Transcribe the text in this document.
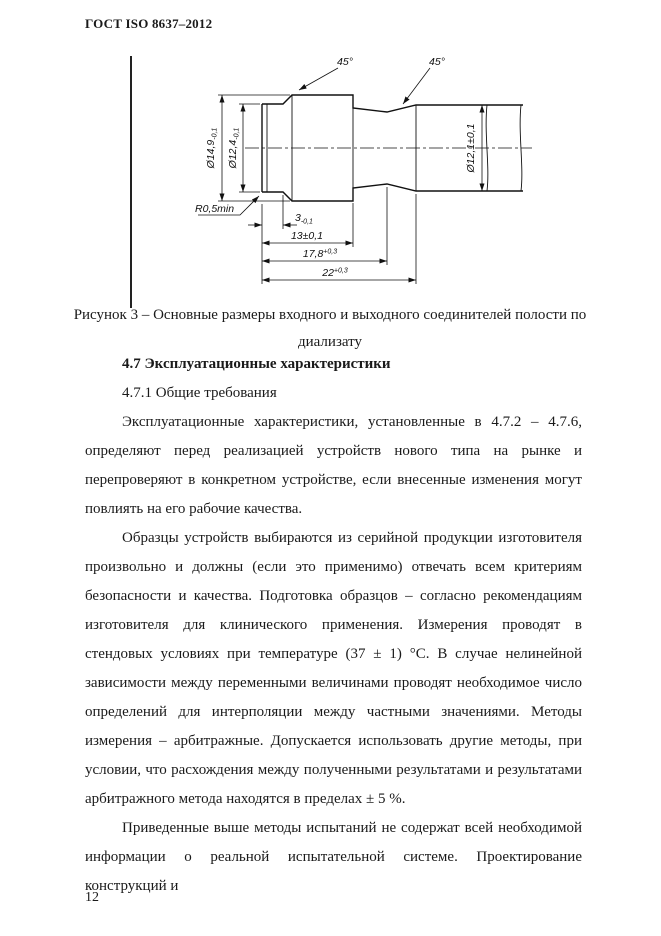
ГОСТ ISO 8637–2012
45°	45°
$Ø14,9_{-0,1}$
$Ø12,4_{-0,1}$	Ø12,1±0,1
R0,5min
$3_{-0,1}$
13±0,1
$17,8^{+0,3}$
$22^{+0,3}$
Рисунок 3 – Основные размеры входного и выходного соединителей полости по диализату

4.7 Эксплуатационные характеристики

4.7.1 Общие требования

Эксплуатационные характеристики, установленные в 4.7.2 – 4.7.6, определяют перед реализацией устройств нового типа на рынке и перепроверяют в конкретном устройстве, если внесенные изменения могут повлиять на его рабочие качества.

Образцы устройств выбираются из серийной продукции изготовителя произвольно и должны (если это применимо) отвечать всем критериям безопасности и качества. Подготовка образцов – согласно рекомендациям изготовителя для клинического применения. Измерения проводят в стендовых условиях при температуре (37 ± 1) °С. В случае нелинейной зависимости между переменными величинами проводят необходимое число определений для интерполяции между частными значениями. Методы измерения – арбитражные. Допускается использовать другие методы, при условии, что расхождения между полученными результатами и результатами арбитражного метода находятся в пределах ± 5 %.

Приведенные выше методы испытаний не содержат всей необходимой информации о реальной испытательной системе. Проектирование конструкций и

12
